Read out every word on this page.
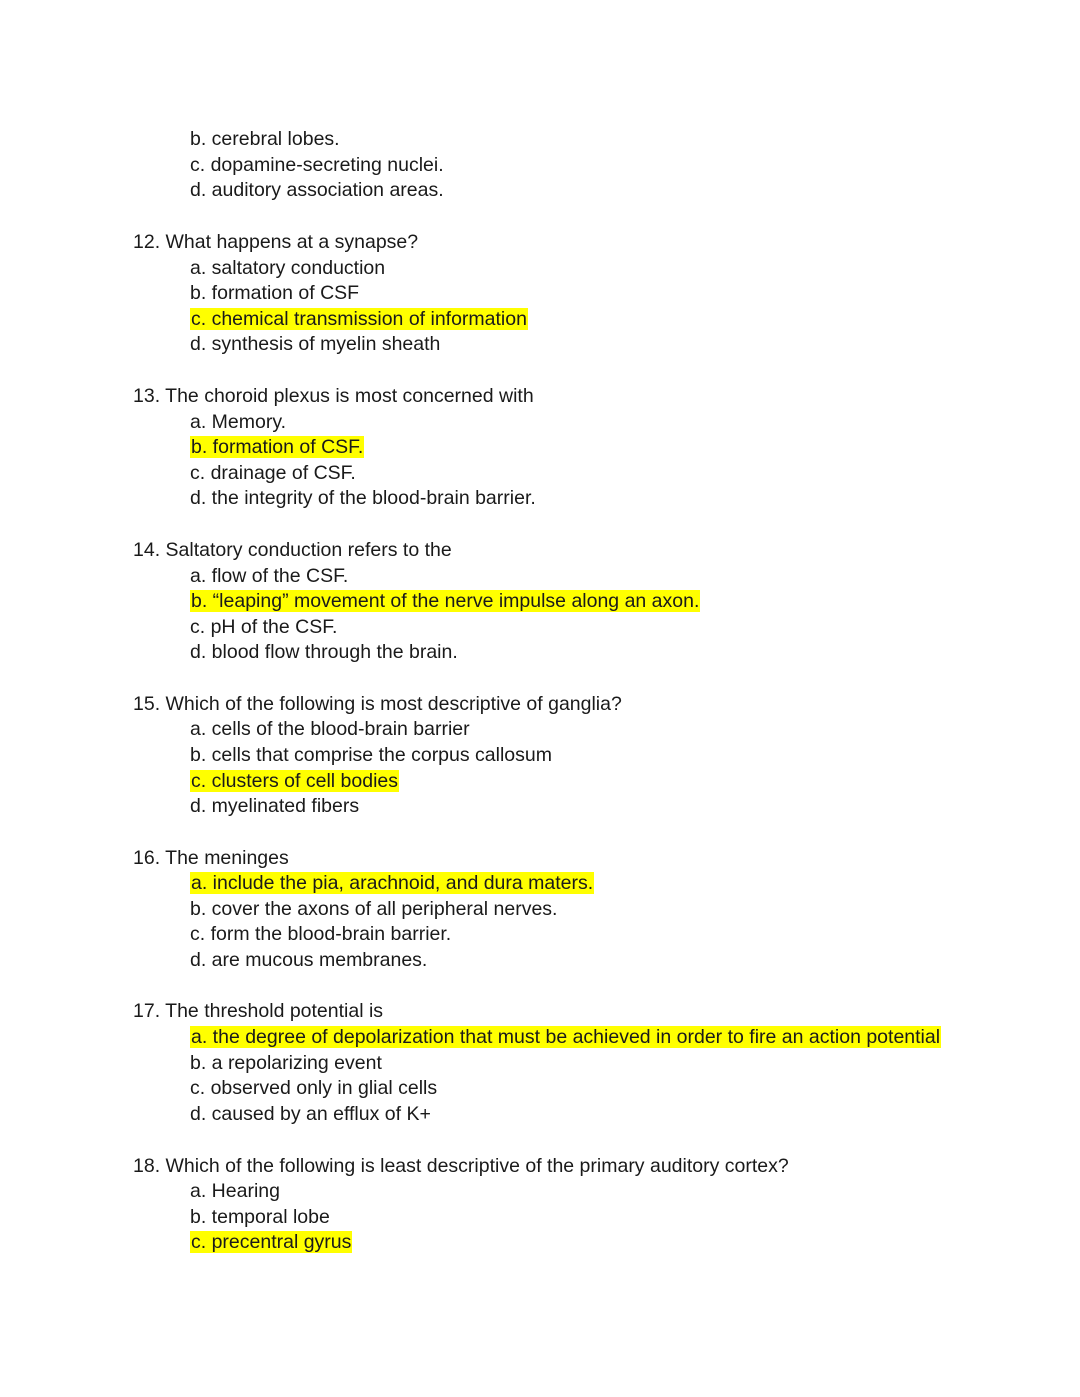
b. cerebral lobes.
c. dopamine-secreting nuclei.
d. auditory association areas.
12. What happens at a synapse?
a. saltatory conduction
b. formation of CSF
c. chemical transmission of information
d. synthesis of myelin sheath
13. The choroid plexus is most concerned with
a. Memory.
b. formation of CSF.
c. drainage of CSF.
d. the integrity of the blood-brain barrier.
14. Saltatory conduction refers to the
a. flow of the CSF.
b. “leaping” movement of the nerve impulse along an axon.
c. pH of the CSF.
d. blood flow through the brain.
15. Which of the following is most descriptive of ganglia?
a. cells of the blood-brain barrier
b. cells that comprise the corpus callosum
c. clusters of cell bodies
d. myelinated fibers
16. The meninges
a. include the pia, arachnoid, and dura maters.
b. cover the axons of all peripheral nerves.
c. form the blood-brain barrier.
d. are mucous membranes.
17. The threshold potential is
a. the degree of depolarization that must be achieved in order to fire an action potential
b. a repolarizing event
c. observed only in glial cells
d. caused by an efflux of K+
18. Which of the following is least descriptive of the primary auditory cortex?
a. Hearing
b. temporal lobe
c. precentral gyrus
